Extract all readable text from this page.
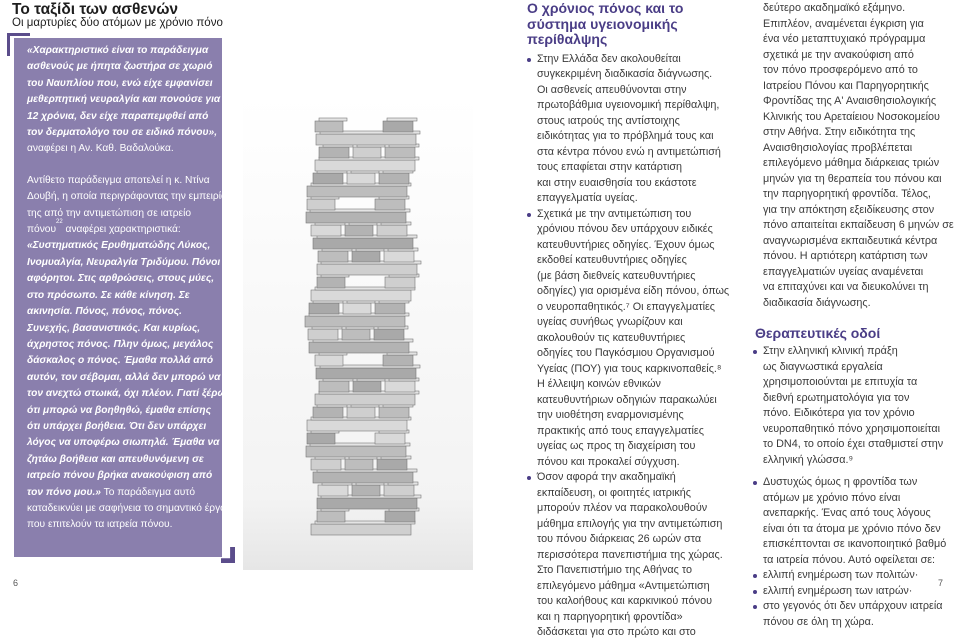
Το ταξίδι των ασθενών
Οι μαρτυρίες δύο ατόμων με χρόνιο πόνο

«Χαρακτηριστικό είναι το παράδειγμα ασθενούς με ήπητα ζωστήρα σε χωριό του Ναυπλίου που, ενώ είχε εμφανίσει μεθερπητική νευραλγία και πονούσε για 12 χρόνια, δεν είχε παραπεμφθεί από τον δερματολόγο του σε ειδικό πόνου», αναφέρει η Αν. Καθ. Βαδαλούκα.

Αντίθετο παράδειγμα αποτελεί η κ. Ντίνα Δουβή, η οποία περιγράφοντας την εμπειρία της από την αντιμετώπιση σε ιατρείο πόνου$^{22}$ αναφέρει χαρακτηριστικά: «Συστηματικός Ερυθηματώδης Λύκος, Ινομυαλγία, Νευραλγία Τριδύμου. Πόνοι αφόρητοι. Στις αρθρώσεις, στους μύες, στο πρόσωπο. Σε κάθε κίνηση. Σε ακινησία. Πόνος, πόνος, πόνος. Συνεχής, βασανιστικός. Και κυρίως, άχρηστος πόνος. Πλην όμως, μεγάλος δάσκαλος ο πόνος. Έμαθα πολλά από αυτόν, τον σέβομαι, αλλά δεν μπορώ να τον ανεχτώ στωικά, όχι πλέον. Γιατί ξέρω ότι μπορώ να βοηθηθώ, έμαθα επίσης ότι υπάρχει βοήθεια. Ότι δεν υπάρχει λόγος να υποφέρω σιωπηλά. Έμαθα να ζητάω βοήθεια και απευθυνόμενη σε ιατρείο πόνου βρήκα ανακούφιση από τον πόνο μου.» Το παράδειγμα αυτό καταδεικνύει με σαφήνεια το σημαντικό έργο που επιτελούν τα ιατρεία πόνου.

6
Ο χρόνιος πόνος και το
σύστημα υγειονομικής
περίθαλψης
Στην Ελλάδα δεν ακολουθείται
συγκεκριμένη διαδικασία διάγνωσης.
Οι ασθενείς απευθύνονται στην
πρωτοβάθμια υγειονομική περίθαλψη,
στους ιατρούς της αντίστοιχης
ειδικότητας για το πρόβλημά τους και
στα κέντρα πόνου ενώ η αντιμετώπισή
τους επαφίεται στην κατάρτιση
και στην ευαισθησία του εκάστοτε
επαγγελματία υγείας.
Σχετικά με την αντιμετώπιση του
χρόνιου πόνου δεν υπάρχουν ειδικές
κατευθυντήριες οδηγίες. Έχουν όμως
εκδοθεί κατευθυντήριες οδηγίες
(με βάση διεθνείς κατευθυντήριες
οδηγίες) για ορισμένα είδη πόνου, όπως
ο νευροπαθητικός.⁷ Οι επαγγελματίες
υγείας συνήθως γνωρίζουν και
ακολουθούν τις κατευθυντήριες
οδηγίες του Παγκόσμιου Οργανισμού
Υγείας (ΠΟΥ) για τους καρκινοπαθείς.⁸
Η έλλειψη κοινών εθνικών
κατευθυντήριων οδηγιών παρακωλύει
την υιοθέτηση εναρμονισμένης
πρακτικής από τους επαγγελματίες
υγείας ως προς τη διαχείριση του
πόνου και προκαλεί σύγχυση.
Όσον αφορά την ακαδημαϊκή
εκπαίδευση, οι φοιτητές ιατρικής
μπορούν πλέον να παρακολουθούν
μάθημα επιλογής για την αντιμετώπιση
του πόνου διάρκειας 26 ωρών στα
περισσότερα πανεπιστήμια της χώρας.
Στο Πανεπιστήμιο της Αθήνας το
επιλεγόμενο μάθημα «Αντιμετώπιση
του καλοήθους και καρκινικού πόνου
και η παρηγορητική φροντίδα»
διδάσκεται για στο πρώτο και στο
δεύτερο ακαδημαϊκό εξάμηνο.
Επιπλέον, αναμένεται έγκριση για
ένα νέο μεταπτυχιακό πρόγραμμα
σχετικά με την ανακούφιση από
τον πόνο προσφερόμενο από το
Ιατρείου Πόνου και Παρηγορητικής
Φροντίδας της Α' Αναισθησιολογικής
Κλινικής του Αρεταίειου Νοσοκομείου
στην Αθήνα. Στην ειδικότητα της
Αναισθησιολογίας προβλέπεται
επιλεγόμενο μάθημα διάρκειας τριών
μηνών για τη θεραπεία του πόνου και
την παρηγορητική φροντίδα. Τέλος,
για την απόκτηση εξειδίκευσης στον
πόνο απαιτείται εκπαίδευση 6 μηνών σε
αναγνωρισμένα εκπαιδευτικά κέντρα
πόνου. Η αρτιότερη κατάρτιση των
επαγγελματιών υγείας αναμένεται
να επιταχύνει και να διευκολύνει τη
διαδικασία διάγνωσης.
Θεραπευτικές οδοί
Στην ελληνική κλινική πράξη
ως διαγνωστικά εργαλεία
χρησιμοποιούνται με επιτυχία τα
διεθνή ερωτηματολόγια για τον
πόνο. Ειδικότερα για τον χρόνιο
νευροπαθητικό πόνο χρησιμοποιείται
το DN4, το οποίο έχει σταθμιστεί στην
ελληνική γλώσσα.⁹
Δυστυχώς όμως η φροντίδα των
ατόμων με χρόνιο πόνο είναι
ανεπαρκής. Ένας από τους λόγους
είναι ότι τα άτομα με χρόνιο πόνο δεν
επισκέπτονται σε ικανοποιητικό βαθμό
τα ιατρεία πόνου. Αυτό οφείλεται σε:
ελλιπή ενημέρωση των πολιτών·
ελλιπή ενημέρωση των ιατρών·
στο γεγονός ότι δεν υπάρχουν ιατρεία
πόνου σε όλη τη χώρα.
7
